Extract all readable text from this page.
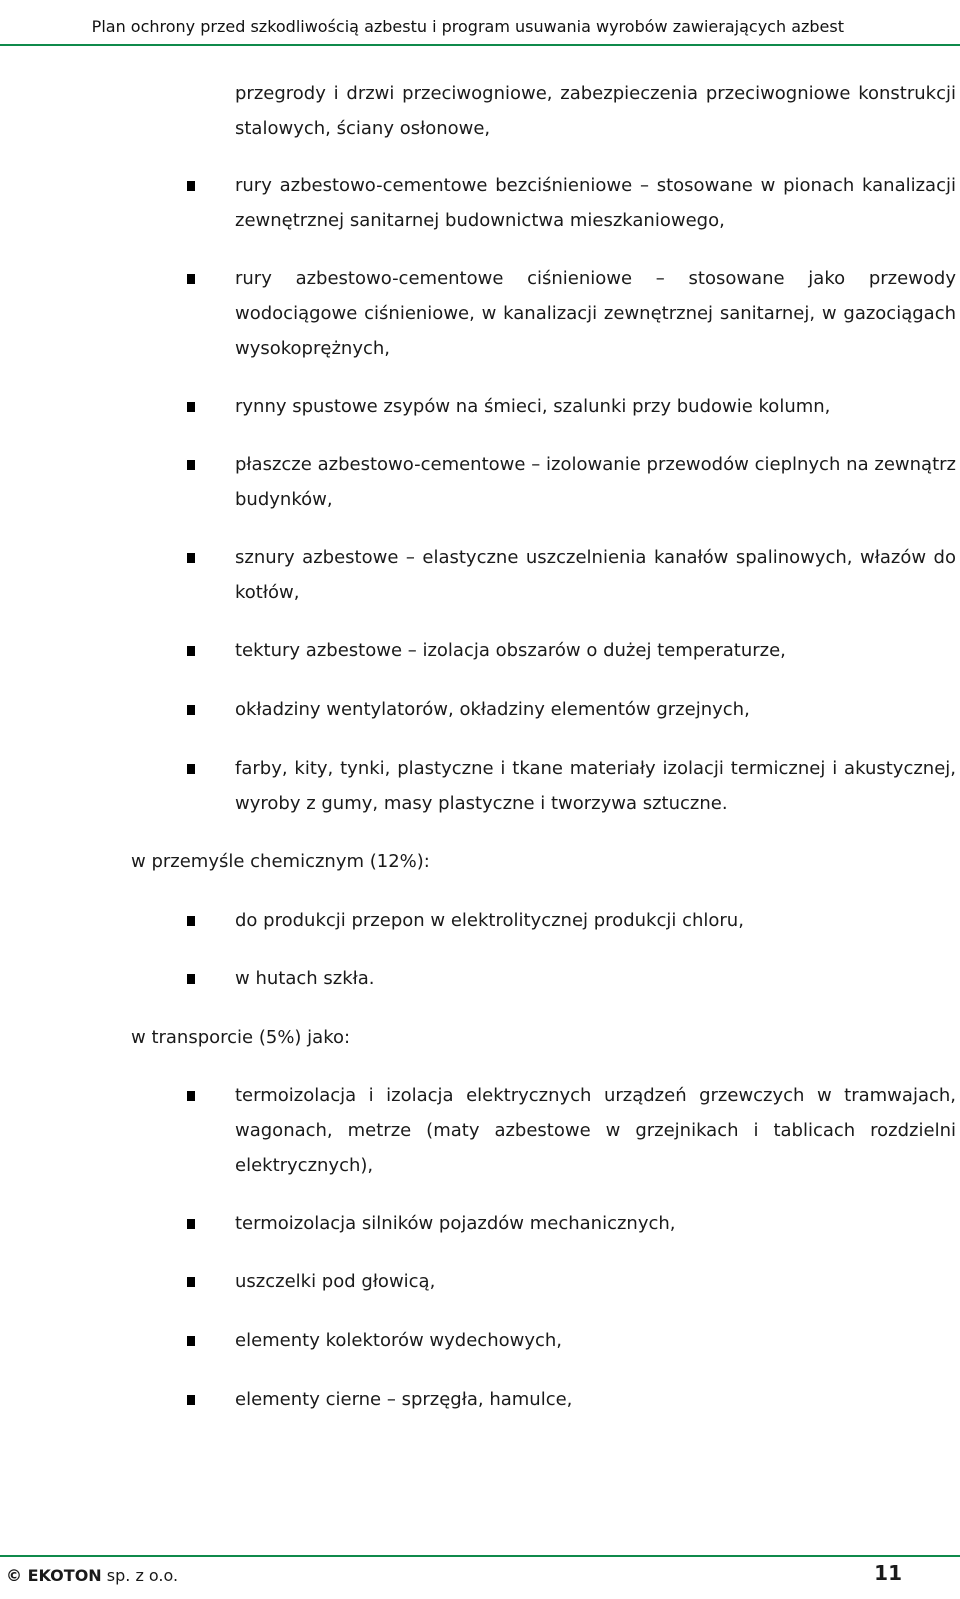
Plan ochrony przed szkodliwością azbestu i program usuwania wyrobów zawierających azbest
przegrody i drzwi przeciwogniowe, zabezpieczenia przeciwogniowe konstrukcji stalowych, ściany osłonowe,
rury azbestowo-cementowe bezciśnieniowe – stosowane w pionach kanalizacji zewnętrznej sanitarnej budownictwa mieszkaniowego,
rury azbestowo-cementowe ciśnieniowe – stosowane jako przewody wodociągowe ciśnieniowe, w kanalizacji zewnętrznej sanitarnej, w gazociągach wysokoprężnych,
rynny spustowe zsypów na śmieci, szalunki przy budowie kolumn,
płaszcze azbestowo-cementowe – izolowanie przewodów cieplnych na zewnątrz budynków,
sznury azbestowe – elastyczne uszczelnienia kanałów spalinowych, włazów do kotłów,
tektury azbestowe – izolacja obszarów o dużej temperaturze,
okładziny wentylatorów, okładziny elementów grzejnych,
farby, kity, tynki, plastyczne i tkane materiały izolacji termicznej i akustycznej, wyroby z gumy, masy plastyczne i tworzywa sztuczne.
w przemyśle chemicznym (12%):
do produkcji przepon w elektrolitycznej produkcji chloru,
w hutach szkła.
w transporcie (5%) jako:
termoizolacja i izolacja elektrycznych urządzeń grzewczych w tramwajach, wagonach, metrze (maty azbestowe w grzejnikach i tablicach rozdzielni elektrycznych),
termoizolacja silników pojazdów mechanicznych,
uszczelki pod głowicą,
elementy kolektorów wydechowych,
elementy cierne – sprzęgła, hamulce,
© EKOTON sp. z o.o.	11
